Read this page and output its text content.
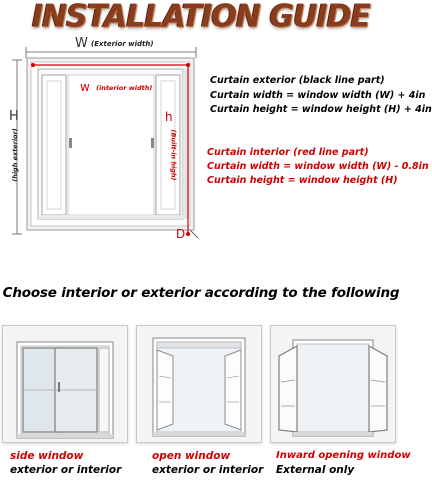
INSTALLATION GUIDE
W (Exterior width)
w (interior width)
H
(high exterior)
h
(Built-in high)
D
Curtain exterior (black line part)
Curtain width = window width (W) + 4in
Curtain height = window height (H) + 4in
Curtain interior (red line part)
Curtain width = window width (W) - 0.8in
Curtain height = window height (H)
Choose interior or exterior according to the following
side window
exterior or interior
open window
exterior or interior
Inward opening window
External only
